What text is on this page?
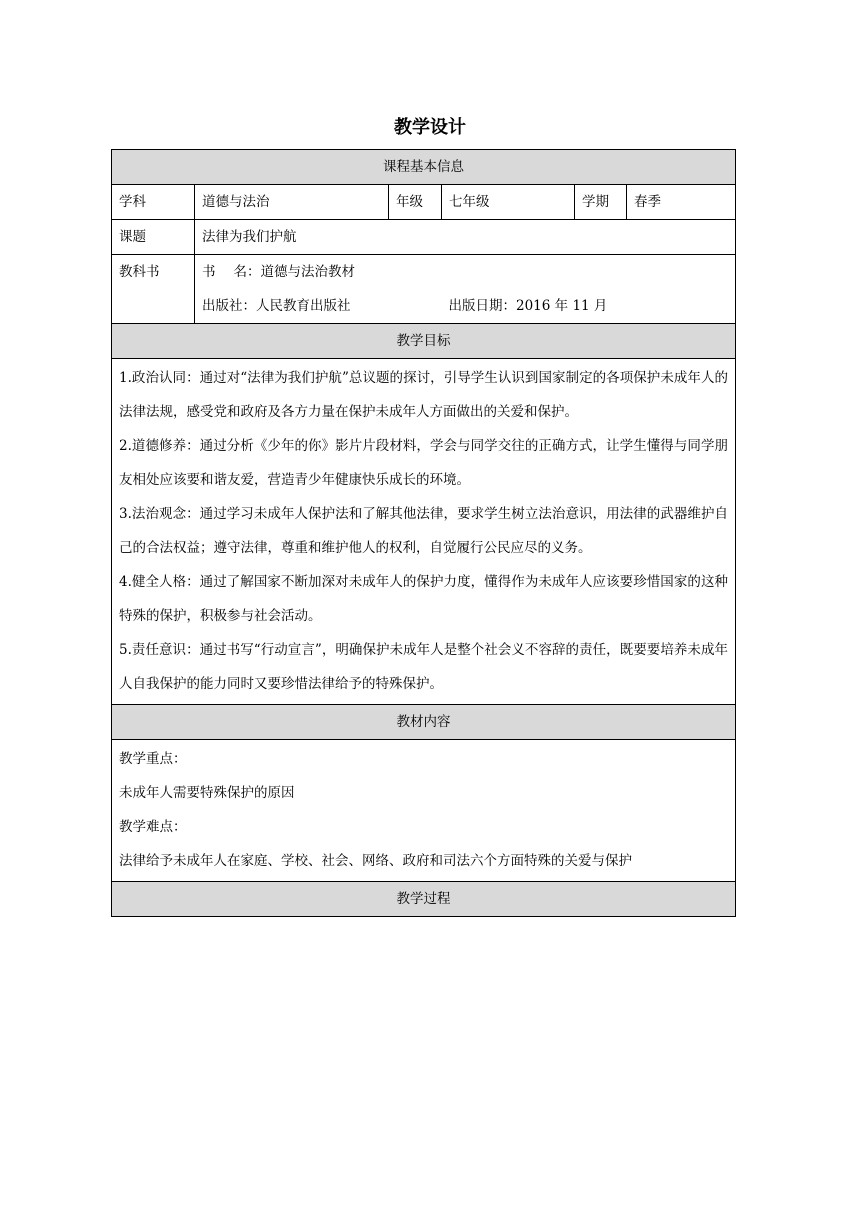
教学设计
课程基本信息
学科	道德与法治	年级	七年级	学期	春季
课题	法律为我们护航
教科书	书 名：道德与法治教材
出版社：人民教育出版社	出版日期：2016 年 11 月
教学目标

1.政治认同：通过对“法律为我们护航”总议题的探讨，引导学生认识到国家制定的各项保护未成年人的法律法规，感受党和政府及各方力量在保护未成年人方面做出的关爱和保护。

2.道德修养：通过分析《少年的你》影片片段材料，学会与同学交往的正确方式，让学生懂得与同学朋友相处应该要和谐友爱，营造青少年健康快乐成长的环境。

3.法治观念：通过学习未成年人保护法和了解其他法律，要求学生树立法治意识，用法律的武器维护自己的合法权益；遵守法律，尊重和维护他人的权利，自觉履行公民应尽的义务。

4.健全人格：通过了解国家不断加深对未成年人的保护力度，懂得作为未成年人应该要珍惜国家的这种特殊的保护，积极参与社会活动。

5.责任意识：通过书写“行动宣言”，明确保护未成年人是整个社会义不容辞的责任，既要要培养未成年人自我保护的能力同时又要珍惜法律给予的特殊保护。

教材内容

教学重点：

未成年人需要特殊保护的原因

教学难点：

法律给予未成年人在家庭、学校、社会、网络、政府和司法六个方面特殊的关爱与保护

教学过程
